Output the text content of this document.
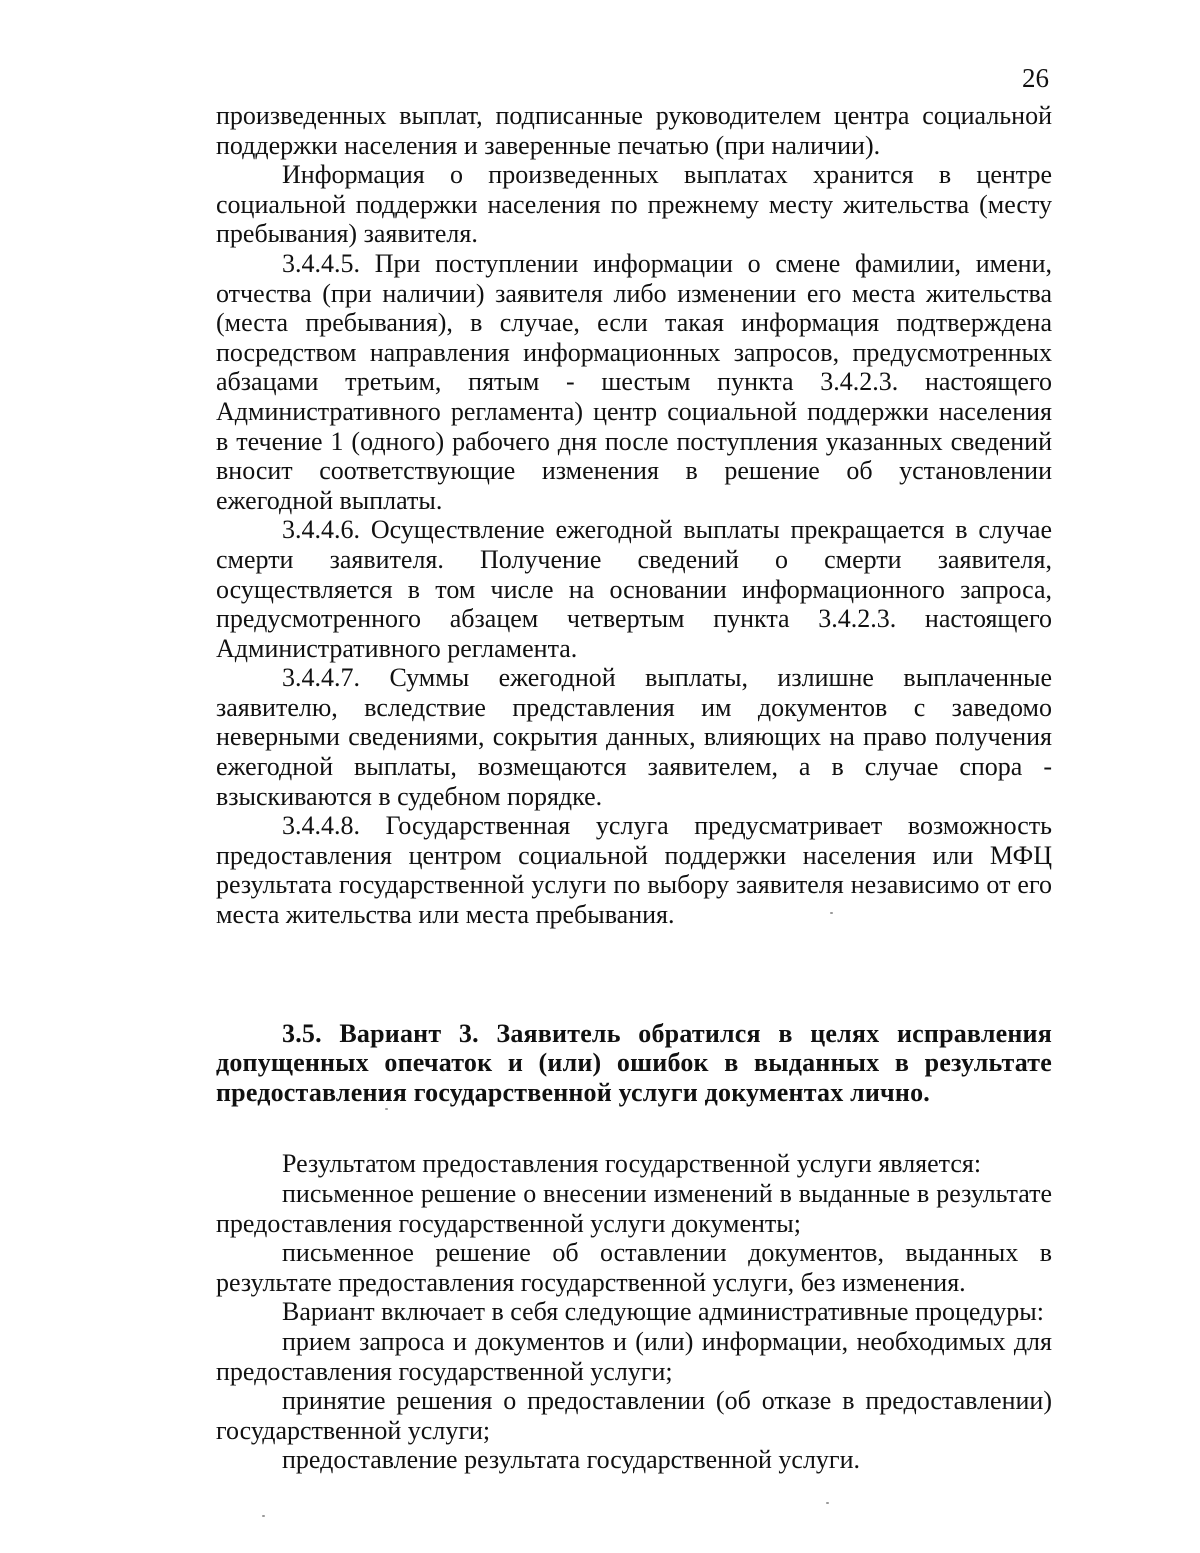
26

произведенных выплат, подписанные руководителем центра социальной поддержки населения и заверенные печатью (при наличии).

Информация о произведенных выплатах хранится в центре социальной поддержки населения по прежнему месту жительства (месту пребывания) заявителя.

3.4.4.5. При поступлении информации о смене фамилии, имени, отчества (при наличии) заявителя либо изменении его места жительства (места пребывания), в случае, если такая информация подтверждена посредством направления информационных запросов, предусмотренных абзацами третьим, пятым - шестым пункта 3.4.2.3. настоящего Административного регламента) центр социальной поддержки населения в течение 1 (одного) рабочего дня после поступления указанных сведений вносит соответствующие изменения в решение об установлении ежегодной выплаты.

3.4.4.6. Осуществление ежегодной выплаты прекращается в случае смерти заявителя. Получение сведений о смерти заявителя, осуществляется в том числе на основании информационного запроса, предусмотренного абзацем четвертым пункта 3.4.2.3. настоящего Административного регламента.

3.4.4.7. Суммы ежегодной выплаты, излишне выплаченные заявителю, вследствие представления им документов с заведомо неверными сведениями, сокрытия данных, влияющих на право получения ежегодной выплаты, возмещаются заявителем, а в случае спора - взыскиваются в судебном порядке.

3.4.4.8. Государственная услуга предусматривает возможность предоставления центром социальной поддержки населения или МФЦ результата государственной услуги по выбору заявителя независимо от его места жительства или места пребывания.

3.5. Вариант 3. Заявитель обратился в целях исправления допущенных опечаток и (или) ошибок в выданных в результате предоставления государственной услуги документах лично.

Результатом предоставления государственной услуги является:

письменное решение о внесении изменений в выданные в результате предоставления государственной услуги документы;

письменное решение об оставлении документов, выданных в результате предоставления государственной услуги, без изменения.

Вариант включает в себя следующие административные процедуры:

прием запроса и документов и (или) информации, необходимых для предоставления государственной услуги;

принятие решения о предоставлении (об отказе в предоставлении) государственной услуги;

предоставление результата государственной услуги.
